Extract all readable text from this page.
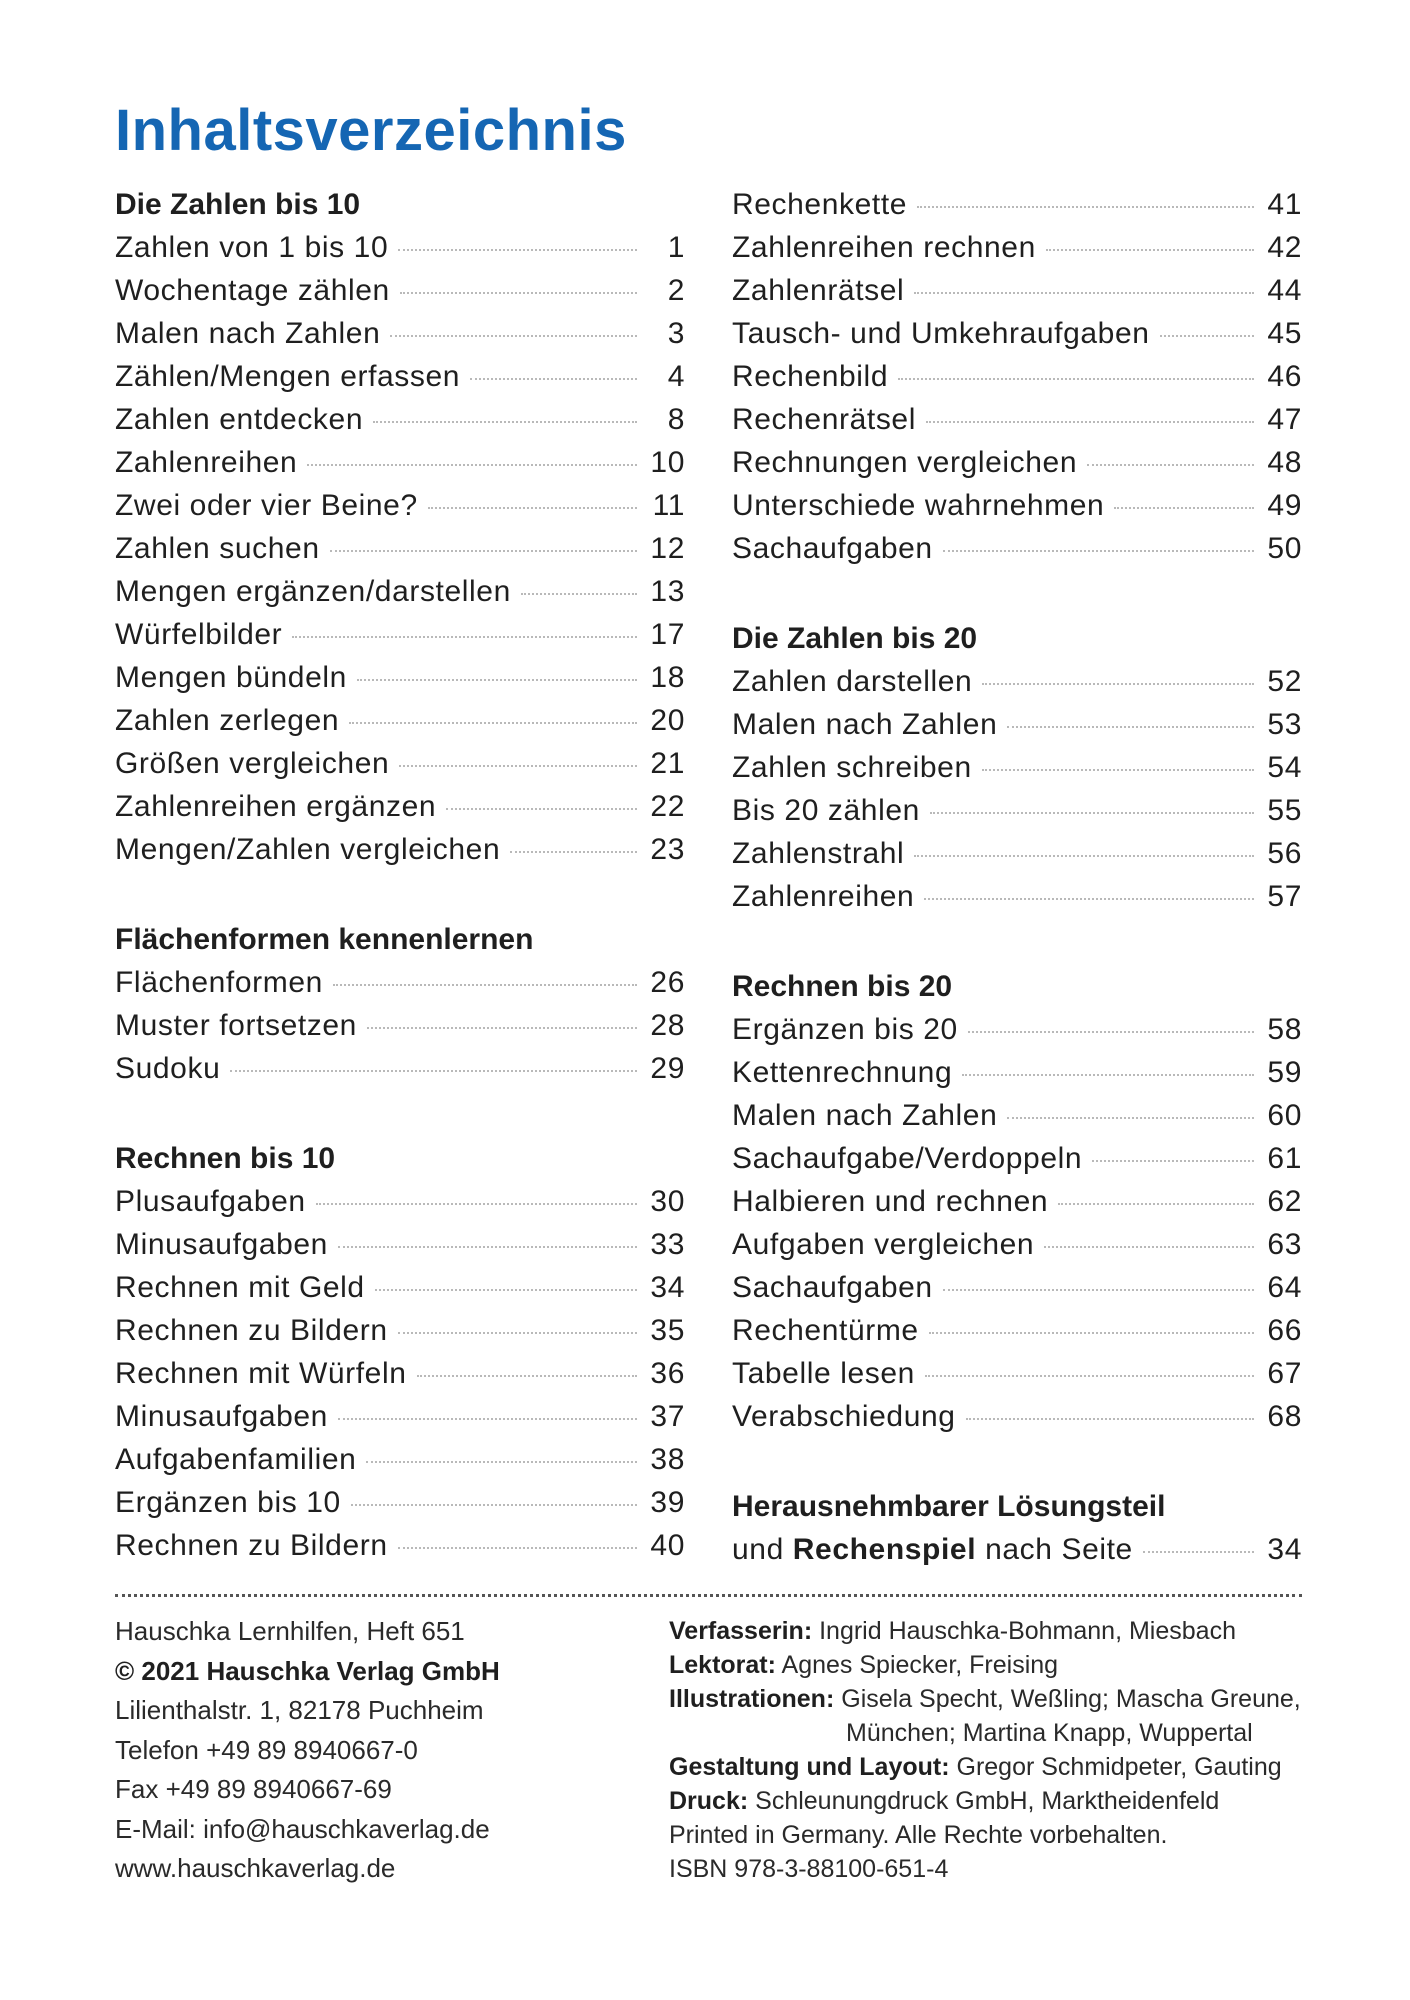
Inhaltsverzeichnis
Die Zahlen bis 10
Zahlen von 1 bis 10	1
Wochentage zählen	2
Malen nach Zahlen	3
Zählen/Mengen erfassen	4
Zahlen entdecken	8
Zahlenreihen	10
Zwei oder vier Beine?	11
Zahlen suchen	12
Mengen ergänzen/darstellen	13
Würfelbilder	17
Mengen bündeln	18
Zahlen zerlegen	20
Größen vergleichen	21
Zahlenreihen ergänzen	22
Mengen/Zahlen vergleichen	23
Flächenformen kennenlernen
Flächenformen	26
Muster fortsetzen	28
Sudoku	29
Rechnen bis 10
Plusaufgaben	30
Minusaufgaben	33
Rechnen mit Geld	34
Rechnen zu Bildern	35
Rechnen mit Würfeln	36
Minusaufgaben	37
Aufgabenfamilien	38
Ergänzen bis 10	39
Rechnen zu Bildern	40
Rechenkette	41
Zahlenreihen rechnen	42
Zahlenrätsel	44
Tausch- und Umkehraufgaben	45
Rechenbild	46
Rechenrätsel	47
Rechnungen vergleichen	48
Unterschiede wahrnehmen	49
Sachaufgaben	50
Die Zahlen bis 20
Zahlen darstellen	52
Malen nach Zahlen	53
Zahlen schreiben	54
Bis 20 zählen	55
Zahlenstrahl	56
Zahlenreihen	57
Rechnen bis 20
Ergänzen bis 20	58
Kettenrechnung	59
Malen nach Zahlen	60
Sachaufgabe/Verdoppeln	61
Halbieren und rechnen	62
Aufgaben vergleichen	63
Sachaufgaben	64
Rechentürme	66
Tabelle lesen	67
Verabschiedung	68
Herausnehmbarer Lösungsteil
und Rechenspiel nach Seite	34
Hauschka Lernhilfen, Heft 651
© 2021 Hauschka Verlag GmbH
Lilienthalstr. 1, 82178 Puchheim
Telefon +49 89 8940667-0
Fax +49 89 8940667-69
E-Mail: info@hauschkaverlag.de
www.hauschkaverlag.de
Verfasserin: Ingrid Hauschka-Bohmann, Miesbach
Lektorat: Agnes Spiecker, Freising
Illustrationen: Gisela Specht, Weßling; Mascha Greune,
München; Martina Knapp, Wuppertal
Gestaltung und Layout: Gregor Schmidpeter, Gauting
Druck: Schleunungdruck GmbH, Marktheidenfeld
Printed in Germany. Alle Rechte vorbehalten.
ISBN 978-3-88100-651-4
